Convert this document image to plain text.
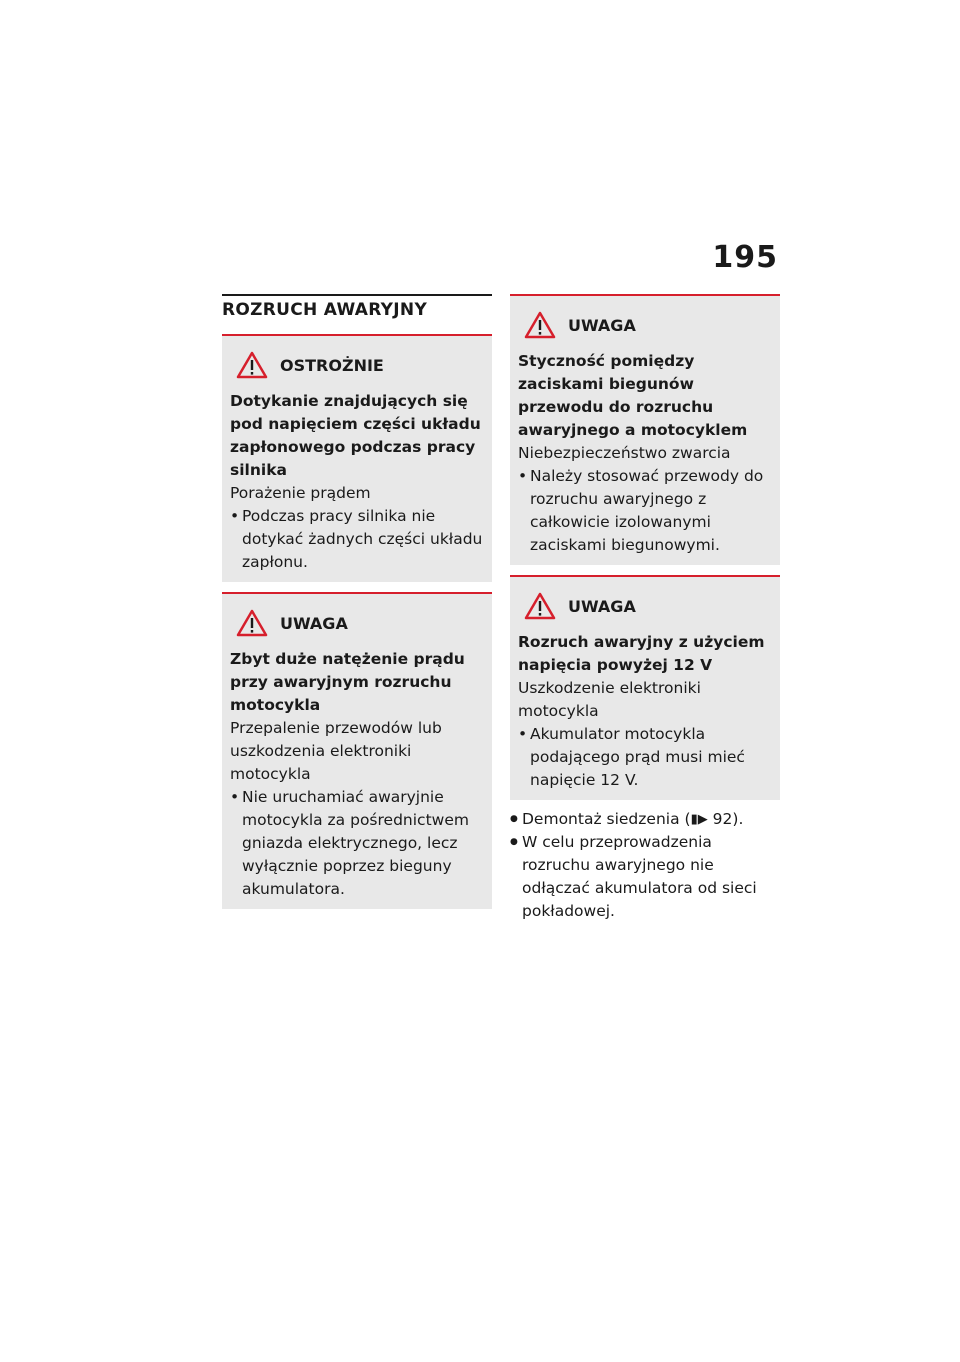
195
ROZRUCH AWARYJNY
OSTROŻNIE
Dotykanie znajdujących się pod napięciem części układu zapłonowego podczas pracy silnika
Porażenie prądem
• Podczas pracy silnika nie dotykać żadnych części układu zapłonu.
UWAGA
Zbyt duże natężenie prądu przy awaryjnym rozruchu motocykla
Przepalenie przewodów lub uszkodzenia elektroniki motocykla
• Nie uruchamiać awaryjnie motocykla za pośrednictwem gniazda elektrycznego, lecz wyłącznie poprzez bieguny akumulatora.
UWAGA
Styczność pomiędzy zaciskami biegunów przewodu do rozruchu awaryjnego a motocyklem
Niebezpieczeństwo zwarcia
• Należy stosować przewody do rozruchu awaryjnego z całkowicie izolowanymi zaciskami biegunowymi.
UWAGA
Rozruch awaryjny z użyciem napięcia powyżej 12 V
Uszkodzenie elektroniki motocykla
• Akumulator motocykla podającego prąd musi mieć napięcie 12 V.
● Demontaż siedzenia (▮▶ 92).
● W celu przeprowadzenia rozruchu awaryjnego nie odłączać akumulatora od sieci pokładowej.
